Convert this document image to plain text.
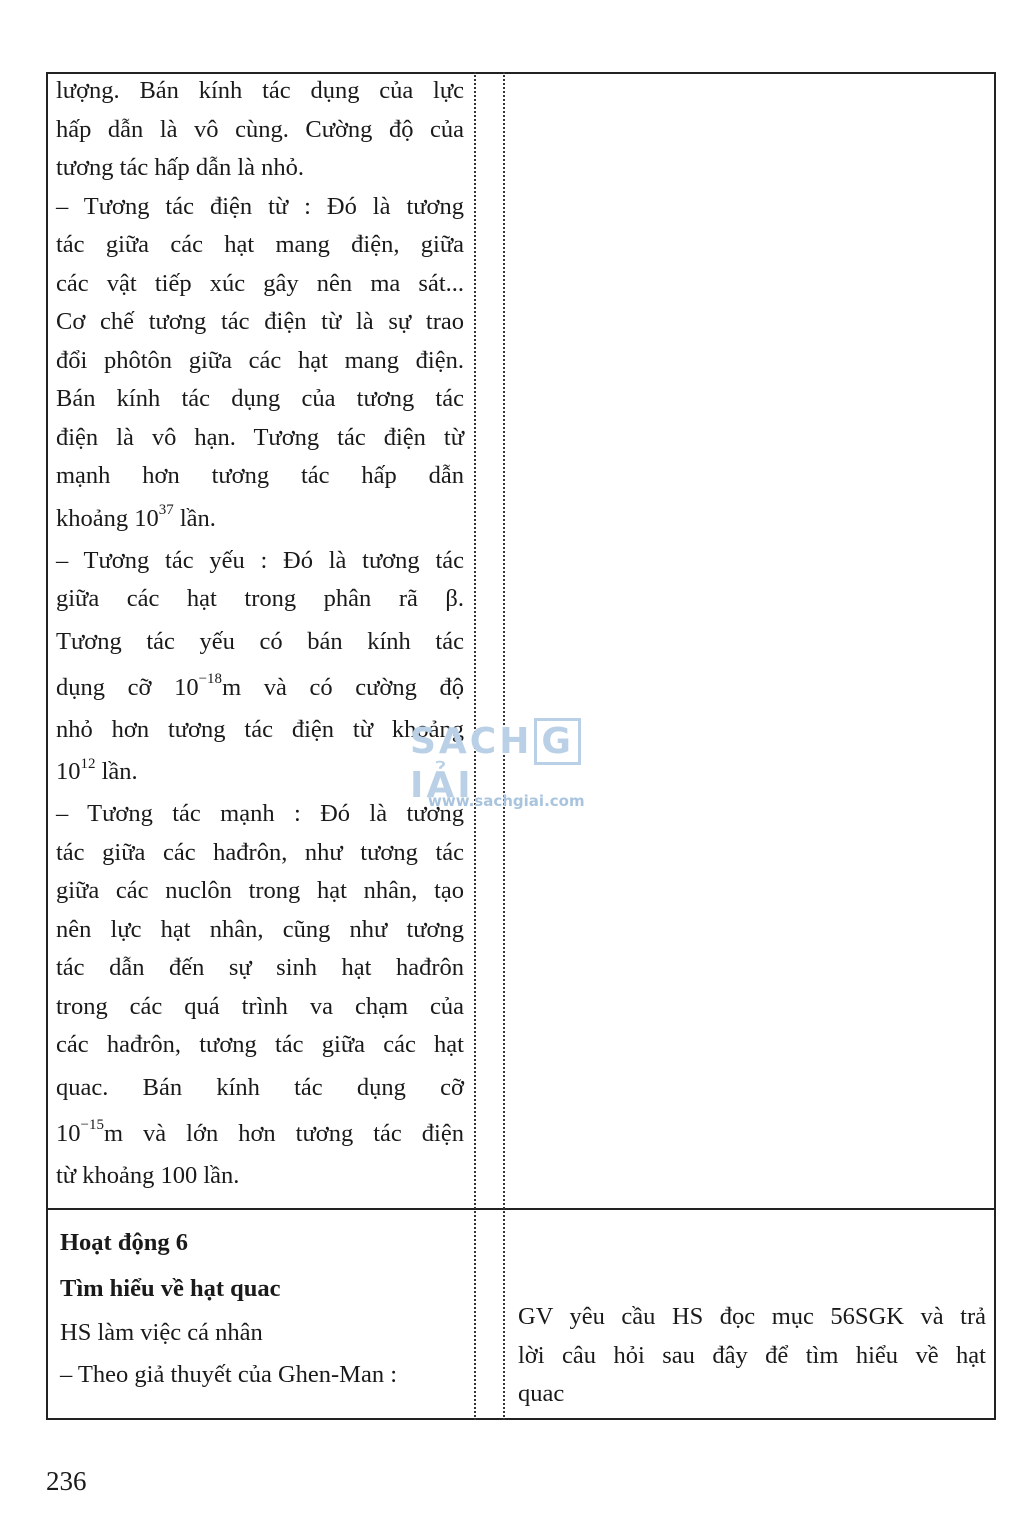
lượng. Bán kính tác dụng của lực
hấp dẫn là vô cùng. Cường độ của
tương tác hấp dẫn là nhỏ.
– Tương tác điện từ : Đó là tương
tác giữa các hạt mang điện, giữa
các vật tiếp xúc gây nên ma sát...
Cơ chế tương tác điện từ là sự trao
đổi phôtôn giữa các hạt mang điện.
Bán kính tác dụng của tương tác
điện là vô hạn. Tương tác điện từ
mạnh hơn tương tác hấp dẫn
khoảng $10^{37}$ lần.
– Tương tác yếu : Đó là tương tác
giữa các hạt trong phân rã β.
Tương tác yếu có bán kính tác
dụng cỡ $10^{-18}m$ và có cường độ
nhỏ hơn tương tác điện từ khoảng
$10^{12}$ lần.
– Tương tác mạnh : Đó là tương
tác giữa các hađrôn, như tương tác
giữa các nuclôn trong hạt nhân, tạo
nên lực hạt nhân, cũng như tương
tác dẫn đến sự sinh hạt hađrôn
trong các quá trình va chạm của
các hađrôn, tương tác giữa các hạt
quac. Bán kính tác dụng cỡ
$10^{-15}m$ và lớn hơn tương tác điện
từ khoảng 100 lần.

Hoạt động 6

Tìm hiểu về hạt quac

HS làm việc cá nhân

– Theo giả thuyết của Ghen-Man :

GV yêu cầu HS đọc mục 56SGK và trả
lời câu hỏi sau đây để tìm hiểu về hạt
quac
SACH GIẢI
www.sachgiai.com
236
